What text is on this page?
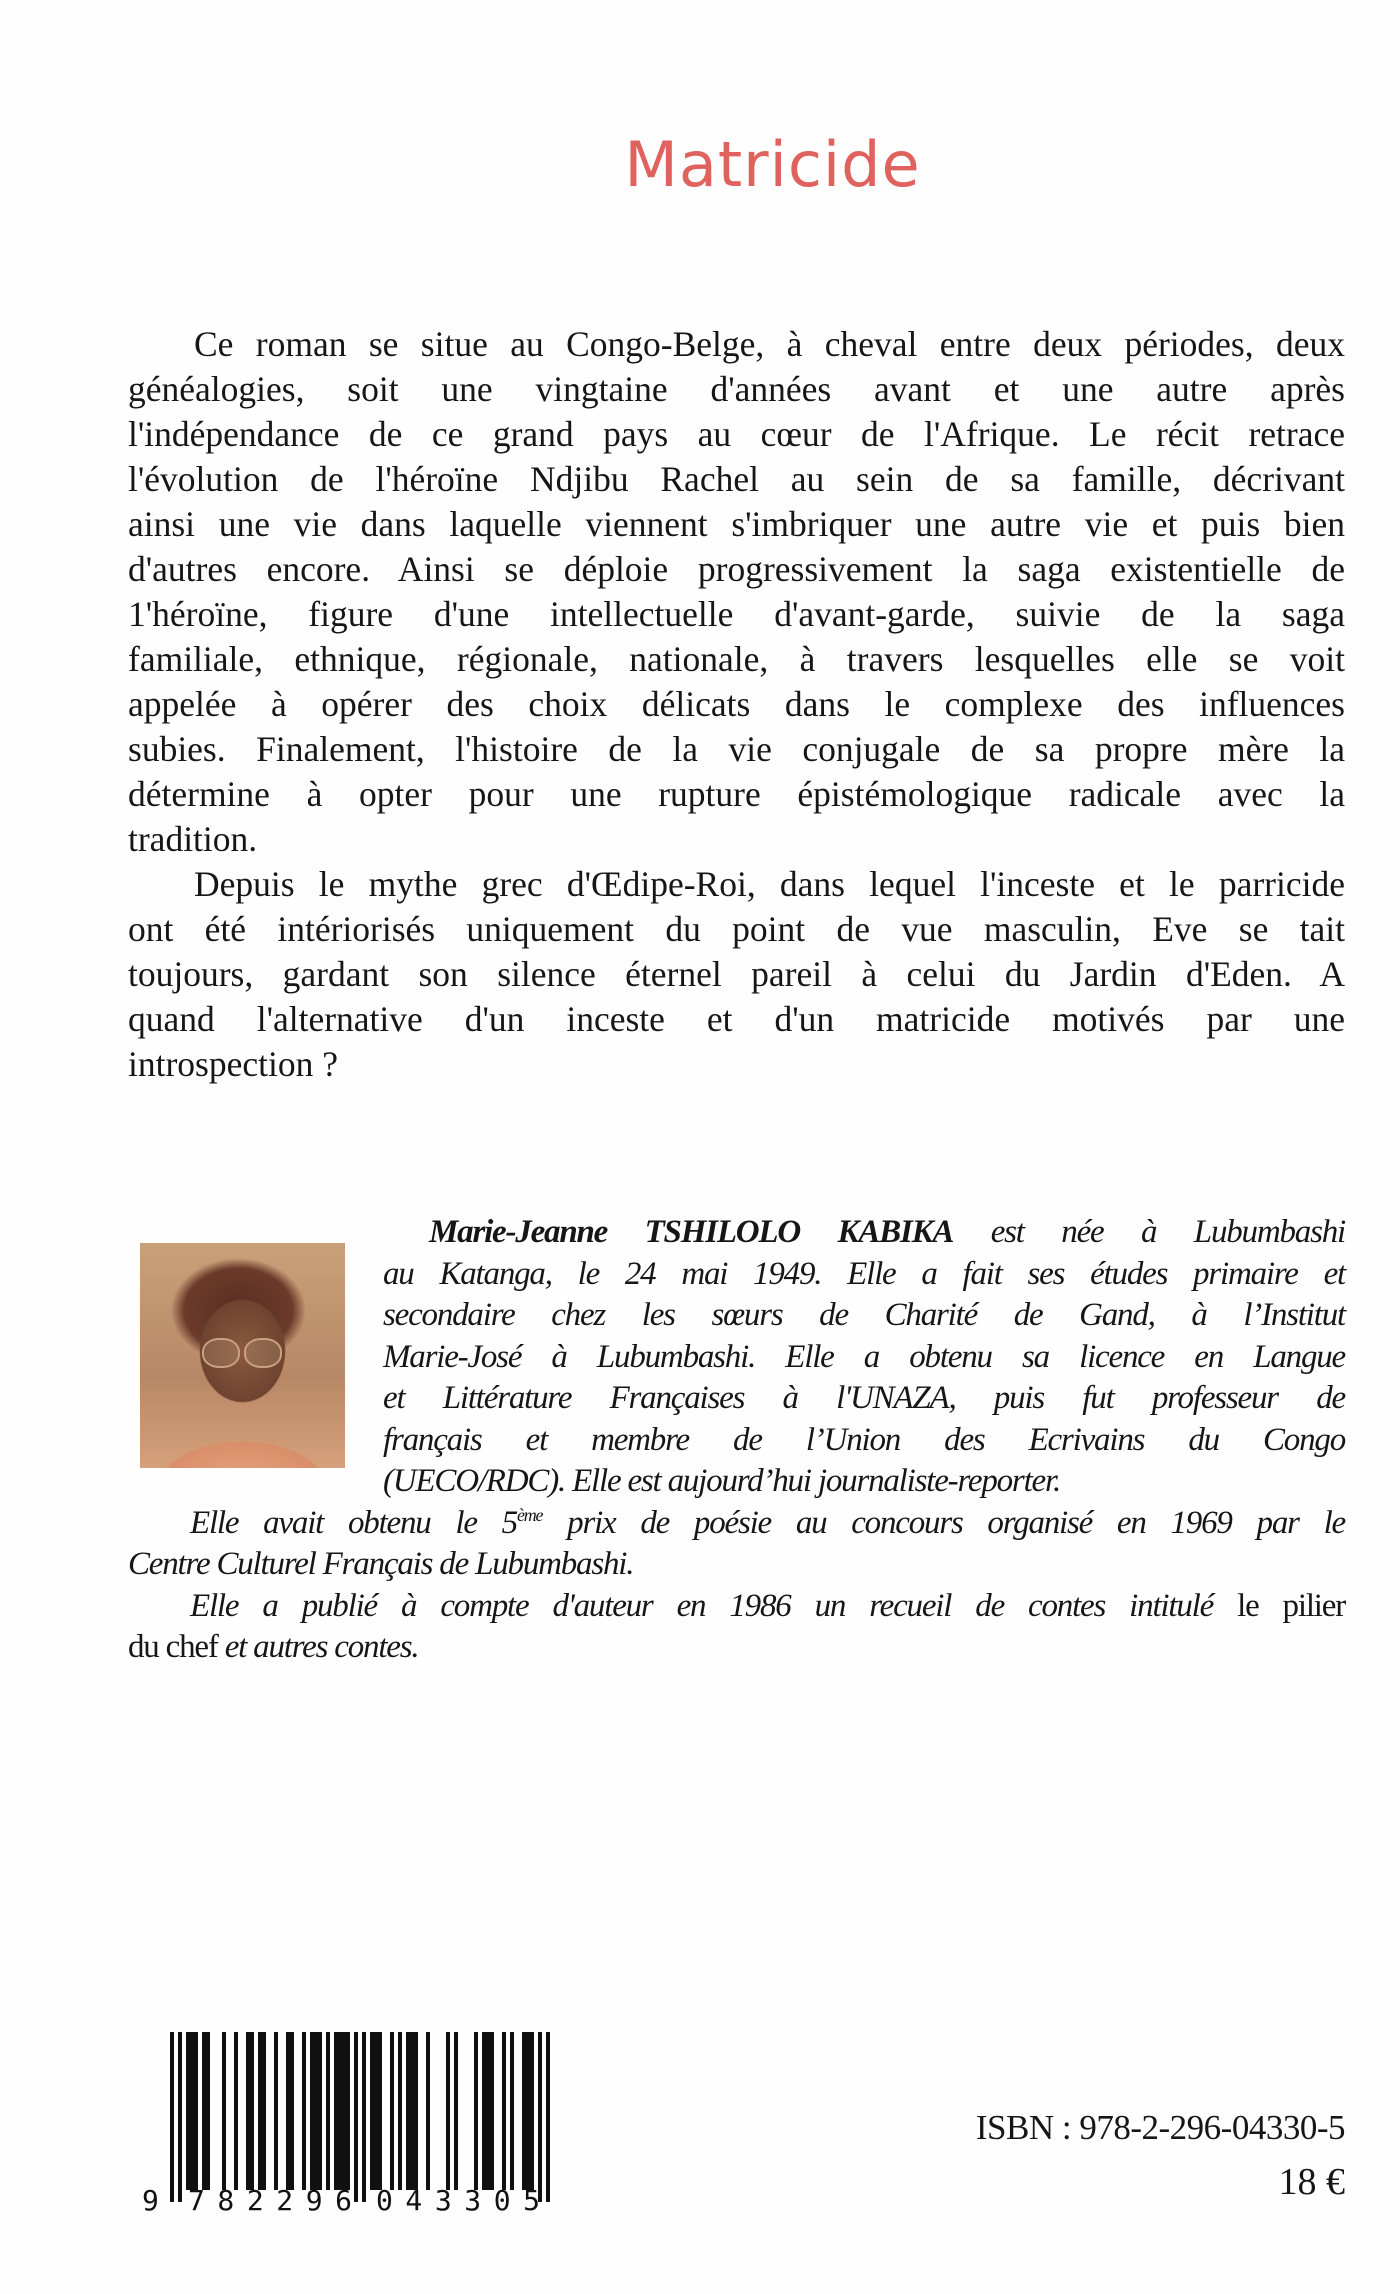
Matricide
Ce roman se situe au Congo-Belge, à cheval entre deux périodes, deux
généalogies, soit une vingtaine d'années avant et une autre après
l'indépendance de ce grand pays au cœur de l'Afrique. Le récit retrace
l'évolution de l'héroïne Ndjibu Rachel au sein de sa famille, décrivant
ainsi une vie dans laquelle viennent s'imbriquer une autre vie et puis bien
d'autres encore. Ainsi se déploie progressivement la saga existentielle de
1'héroïne, figure d'une intellectuelle d'avant-garde, suivie de la saga
familiale, ethnique, régionale, nationale, à travers lesquelles elle se voit
appelée à opérer des choix délicats dans le complexe des influences
subies. Finalement, l'histoire de la vie conjugale de sa propre mère la
détermine à opter pour une rupture épistémologique radicale avec la
tradition.
Depuis le mythe grec d'Œdipe-Roi, dans lequel l'inceste et le parricide
ont été intériorisés uniquement du point de vue masculin, Eve se tait
toujours, gardant son silence éternel pareil à celui du Jardin d'Eden. A
quand l'alternative d'un inceste et d'un matricide motivés par une
introspection ?
Marie-Jeanne TSHILOLO KABIKA est née à Lubumbashi
au Katanga, le 24 mai 1949. Elle a fait ses études primaire et
secondaire chez les sœurs de Charité de Gand, à l’Institut
Marie-José à Lubumbashi. Elle a obtenu sa licence en Langue
et Littérature Françaises à l'UNAZA, puis fut professeur de
français et membre de l’Union des Ecrivains du Congo
(UECO/RDC). Elle est aujourd’hui journaliste-reporter.
Elle avait obtenu le 5ème prix de poésie au concours organisé en 1969 par le
Centre Culturel Français de Lubumbashi.
Elle a publié à compte d'auteur en 1986 un recueil de contes intitulé le pilier
du chef et autres contes.
9 782296 043305
ISBN : 978-2-296-04330-5
18 €
